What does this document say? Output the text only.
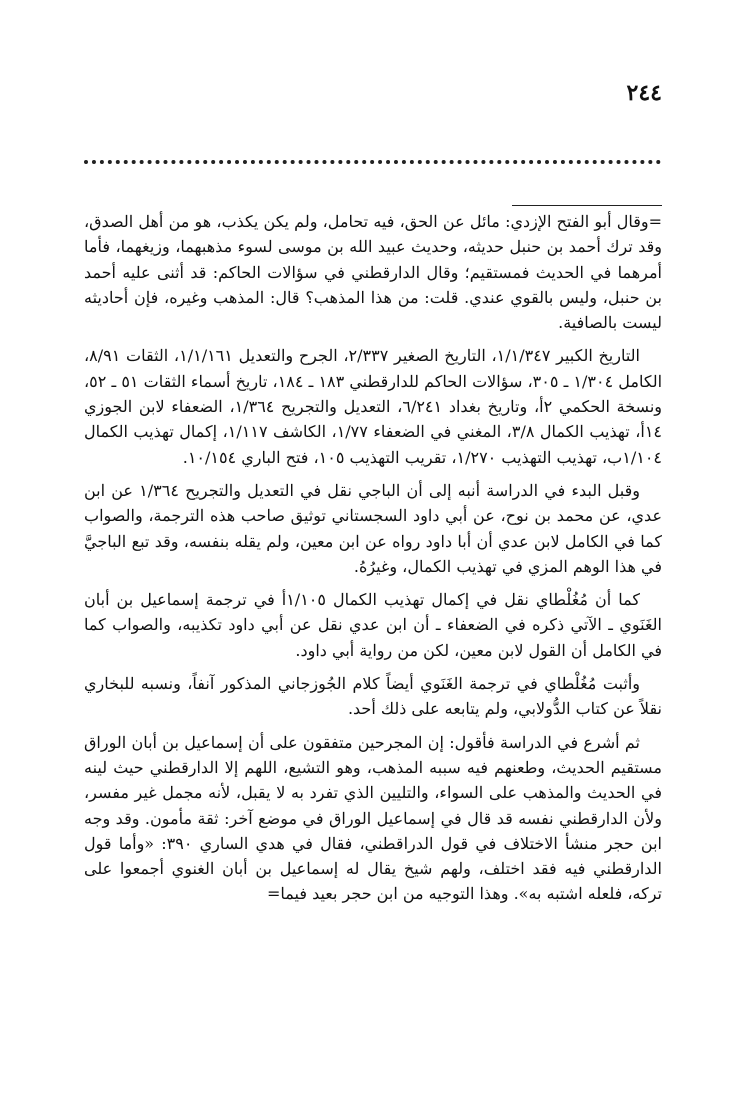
٢٤٤

=وقال أبو الفتح الإزدي: مائل عن الحق، فيه تحامل، ولم يكن يكذب، هو من أهل الصدق، وقد ترك أحمد بن حنبل حديثه، وحديث عبيد الله بن موسى لسوء مذهبهما، وزيغهما، فأما أمرهما في الحديث فمستقيم؛ وقال الدارقطني في سؤالات الحاكم: قد أثنى عليه أحمد بن حنبل، وليس بالقوي عندي. قلت: من هذا المذهب؟ قال: المذهب وغيره، فإن أحاديثه ليست بالصافية.

التاريخ الكبير ١/١/٣٤٧، التاريخ الصغير ٢/٣٣٧، الجرح والتعديل ١/١/١٦١، الثقات ٨/٩١، الكامل ١/٣٠٤ ـ ٣٠٥، سؤالات الحاكم للدارقطني ١٨٣ ـ ١٨٤، تاريخ أسماء الثقات ٥١ ـ ٥٢، ونسخة الحكمي ٢أ، وتاريخ بغداد ٦/٢٤١، التعديل والتجريح ١/٣٦٤، الضعفاء لابن الجوزي ١٤أ، تهذيب الكمال ٣/٨، المغني في الضعفاء ١/٧٧، الكاشف ١/١١٧، إكمال تهذيب الكمال ١/١٠٤ب، تهذيب التهذيب ١/٢٧٠، تقريب التهذيب ١٠٥، فتح الباري ١٠/١٥٤.

وقبل البدء في الدراسة أنبه إلى أن الباجي نقل في التعديل والتجريح ١/٣٦٤ عن ابن عدي، عن محمد بن نوح، عن أبي داود السجستاني توثيق صاحب هذه الترجمة، والصواب كما في الكامل لابن عدي أن أبا داود رواه عن ابن معين، ولم يقله بنفسه، وقد تبع الباجيَّ في هذا الوهم المزي في تهذيب الكمال، وغيرُهُ.

كما أن مُغُلْطاي نقل في إكمال تهذيب الكمال ١/١٠٥أ في ترجمة إسماعيل بن أبان الغَنَوي ـ الآتي ذكره في الضعفاء ـ أن ابن عدي نقل عن أبي داود تكذيبه، والصواب كما في الكامل أن القول لابن معين، لكن من رواية أبي داود.

وأثبت مُغُلْطاي في ترجمة الغَنَوي أيضاً كلام الجُوزجاني المذكور آنفاً، ونسبه للبخاري نقلاً عن كتاب الدُّولابي، ولم يتابعه على ذلك أحد.

ثم أشرع في الدراسة فأقول: إن المجرحين متفقون على أن إسماعيل بن أبان الوراق مستقيم الحديث، وطعنهم فيه سببه المذهب، وهو التشيع، اللهم إلا الدارقطني حيث لينه في الحديث والمذهب على السواء، والتليين الذي تفرد به لا يقبل، لأنه مجمل غير مفسر، ولأن الدارقطني نفسه قد قال في إسماعيل الوراق في موضع آخر: ثقة مأمون. وقد وجه ابن حجر منشأ الاختلاف في قول الدراقطني، فقال في هدي الساري ٣٩٠: «وأما قول الدارقطني فيه فقد اختلف، ولهم شيخ يقال له إسماعيل بن أبان الغنوي أجمعوا على تركه، فلعله اشتبه به». وهذا التوجيه من ابن حجر بعيد فيما=
